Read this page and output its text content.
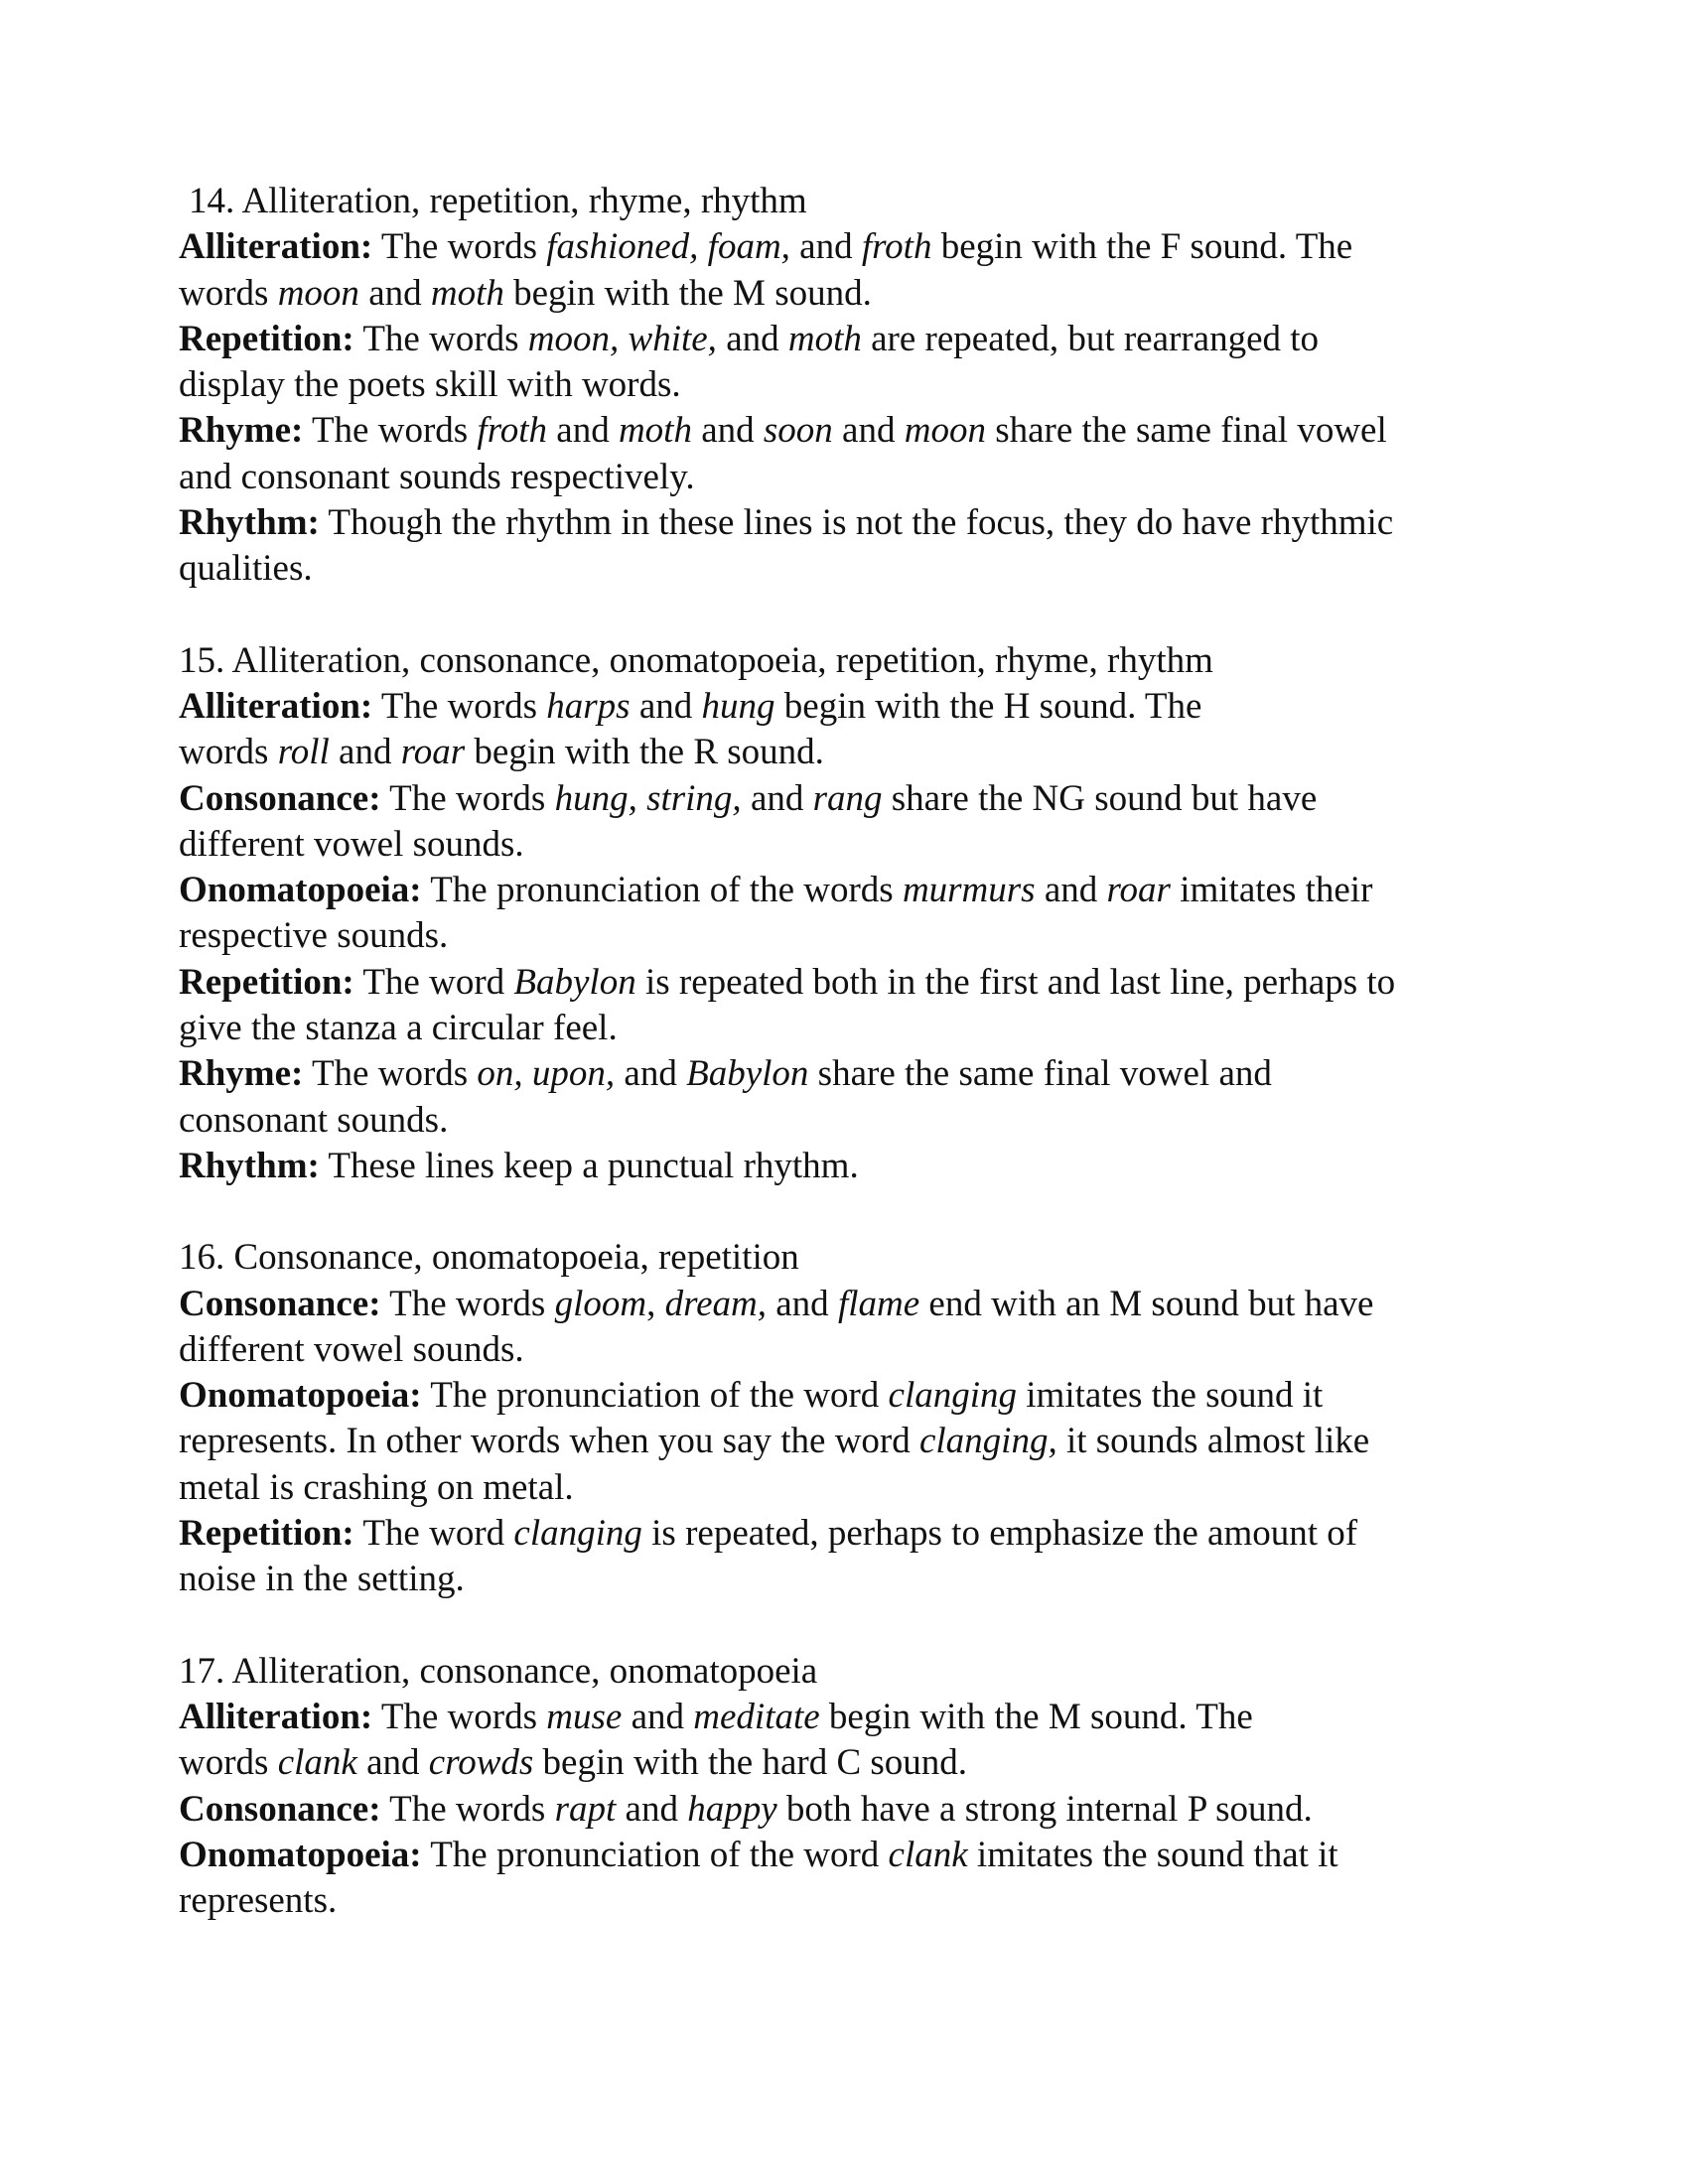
14. Alliteration, repetition, rhyme, rhythm
Alliteration: The words fashioned, foam, and froth begin with the F sound. The
words moon and moth begin with the M sound.
Repetition: The words moon, white, and moth are repeated, but rearranged to
display the poets skill with words.
Rhyme: The words froth and moth and soon and moon share the same final vowel
and consonant sounds respectively.
Rhythm: Though the rhythm in these lines is not the focus, they do have rhythmic
qualities.
15. Alliteration, consonance, onomatopoeia, repetition, rhyme, rhythm
Alliteration: The words harps and hung begin with the H sound. The
words roll and roar begin with the R sound.
Consonance: The words hung, string, and rang share the NG sound but have
different vowel sounds.
Onomatopoeia: The pronunciation of the words murmurs and roar imitates their
respective sounds.
Repetition: The word Babylon is repeated both in the first and last line, perhaps to
give the stanza a circular feel.
Rhyme: The words on, upon, and Babylon share the same final vowel and
consonant sounds.
Rhythm: These lines keep a punctual rhythm.
16. Consonance, onomatopoeia, repetition
Consonance: The words gloom, dream, and flame end with an M sound but have
different vowel sounds.
Onomatopoeia: The pronunciation of the word clanging imitates the sound it
represents. In other words when you say the word clanging, it sounds almost like
metal is crashing on metal.
Repetition: The word clanging is repeated, perhaps to emphasize the amount of
noise in the setting.
17. Alliteration, consonance, onomatopoeia
Alliteration: The words muse and meditate begin with the M sound. The
words clank and crowds begin with the hard C sound.
Consonance: The words rapt and happy both have a strong internal P sound.
Onomatopoeia: The pronunciation of the word clank imitates the sound that it
represents.
